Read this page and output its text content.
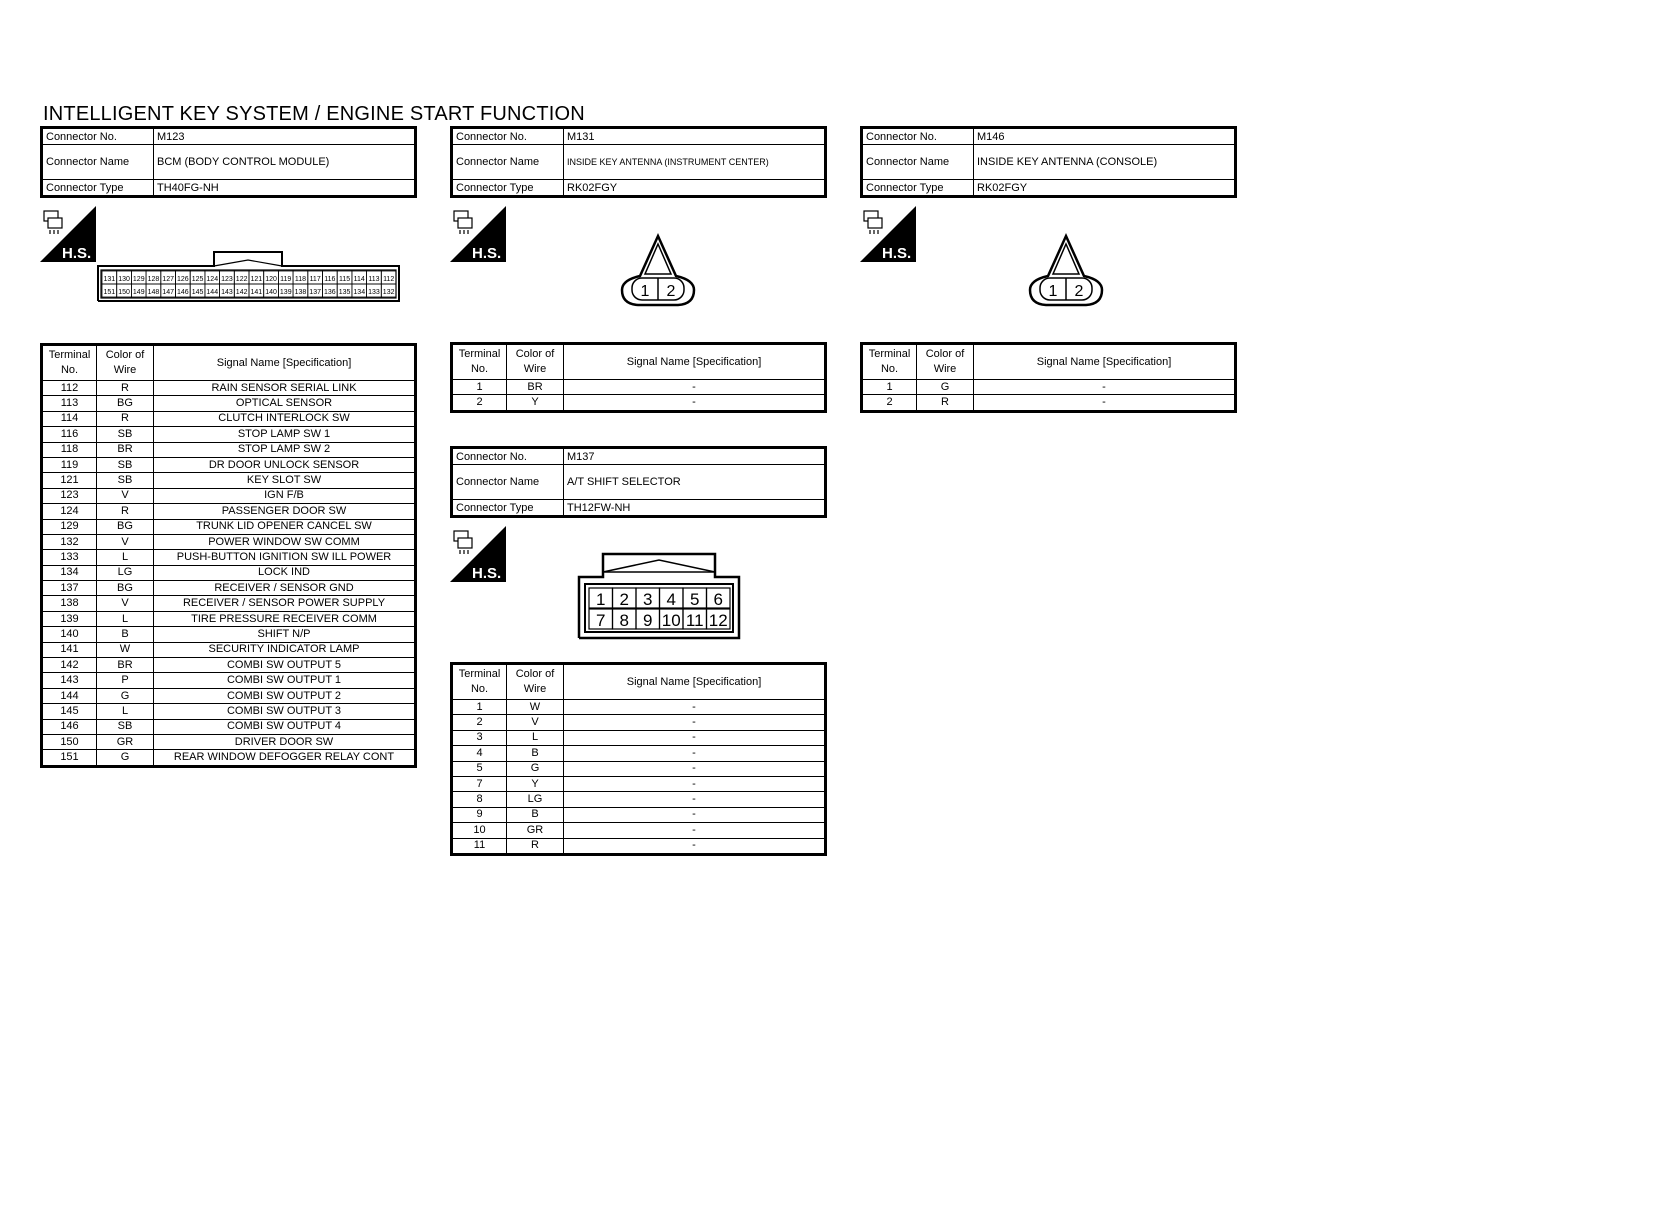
INTELLIGENT KEY SYSTEM / ENGINE START FUNCTION
Connector No.	M123
Connector Name	BCM (BODY CONTROL MODULE)
Connector Type	TH40FG-NH
H.S.
131 130 129 128 127 126 125 124 123 122 121 120 119 118 117 116 115 114 113 112
151 150 149 148 147 146 145 144 143 142 141 140 139 138 137 136 135 134 133 132
Terminal No.	Color of Wire	Signal Name [Specification]
112	R	RAIN SENSOR SERIAL LINK
113	BG	OPTICAL SENSOR
114	R	CLUTCH INTERLOCK SW
116	SB	STOP LAMP SW 1
118	BR	STOP LAMP SW 2
119	SB	DR DOOR UNLOCK SENSOR
121	SB	KEY SLOT SW
123	V	IGN F/B
124	R	PASSENGER DOOR SW
129	BG	TRUNK LID OPENER CANCEL SW
132	V	POWER WINDOW SW COMM
133	L	PUSH-BUTTON IGNITION SW ILL POWER
134	LG	LOCK IND
137	BG	RECEIVER / SENSOR GND
138	V	RECEIVER / SENSOR POWER SUPPLY
139	L	TIRE PRESSURE RECEIVER COMM
140	B	SHIFT N/P
141	W	SECURITY INDICATOR LAMP
142	BR	COMBI SW OUTPUT 5
143	P	COMBI SW OUTPUT 1
144	G	COMBI SW OUTPUT 2
145	L	COMBI SW OUTPUT 3
146	SB	COMBI SW OUTPUT 4
150	GR	DRIVER DOOR SW
151	G	REAR WINDOW DEFOGGER RELAY CONT
Connector No.	M131
Connector Name	INSIDE KEY ANTENNA (INSTRUMENT CENTER)
Connector Type	RK02FGY
H.S.
1 2
Terminal No.	Color of Wire	Signal Name [Specification]
1	BR	-
2	Y	-
Connector No.	M146
Connector Name	INSIDE KEY ANTENNA (CONSOLE)
Connector Type	RK02FGY
H.S.
1 2
Terminal No.	Color of Wire	Signal Name [Specification]
1	G	-
2	R	-
Connector No.	M137
Connector Name	A/T SHIFT SELECTOR
Connector Type	TH12FW-NH
H.S.
1 2 3 4 5 6
7 8 9 10 11 12
Terminal No.	Color of Wire	Signal Name [Specification]
1	W	-
2	V	-
3	L	-
4	B	-
5	G	-
7	Y	-
8	LG	-
9	B	-
10	GR	-
11	R	-
